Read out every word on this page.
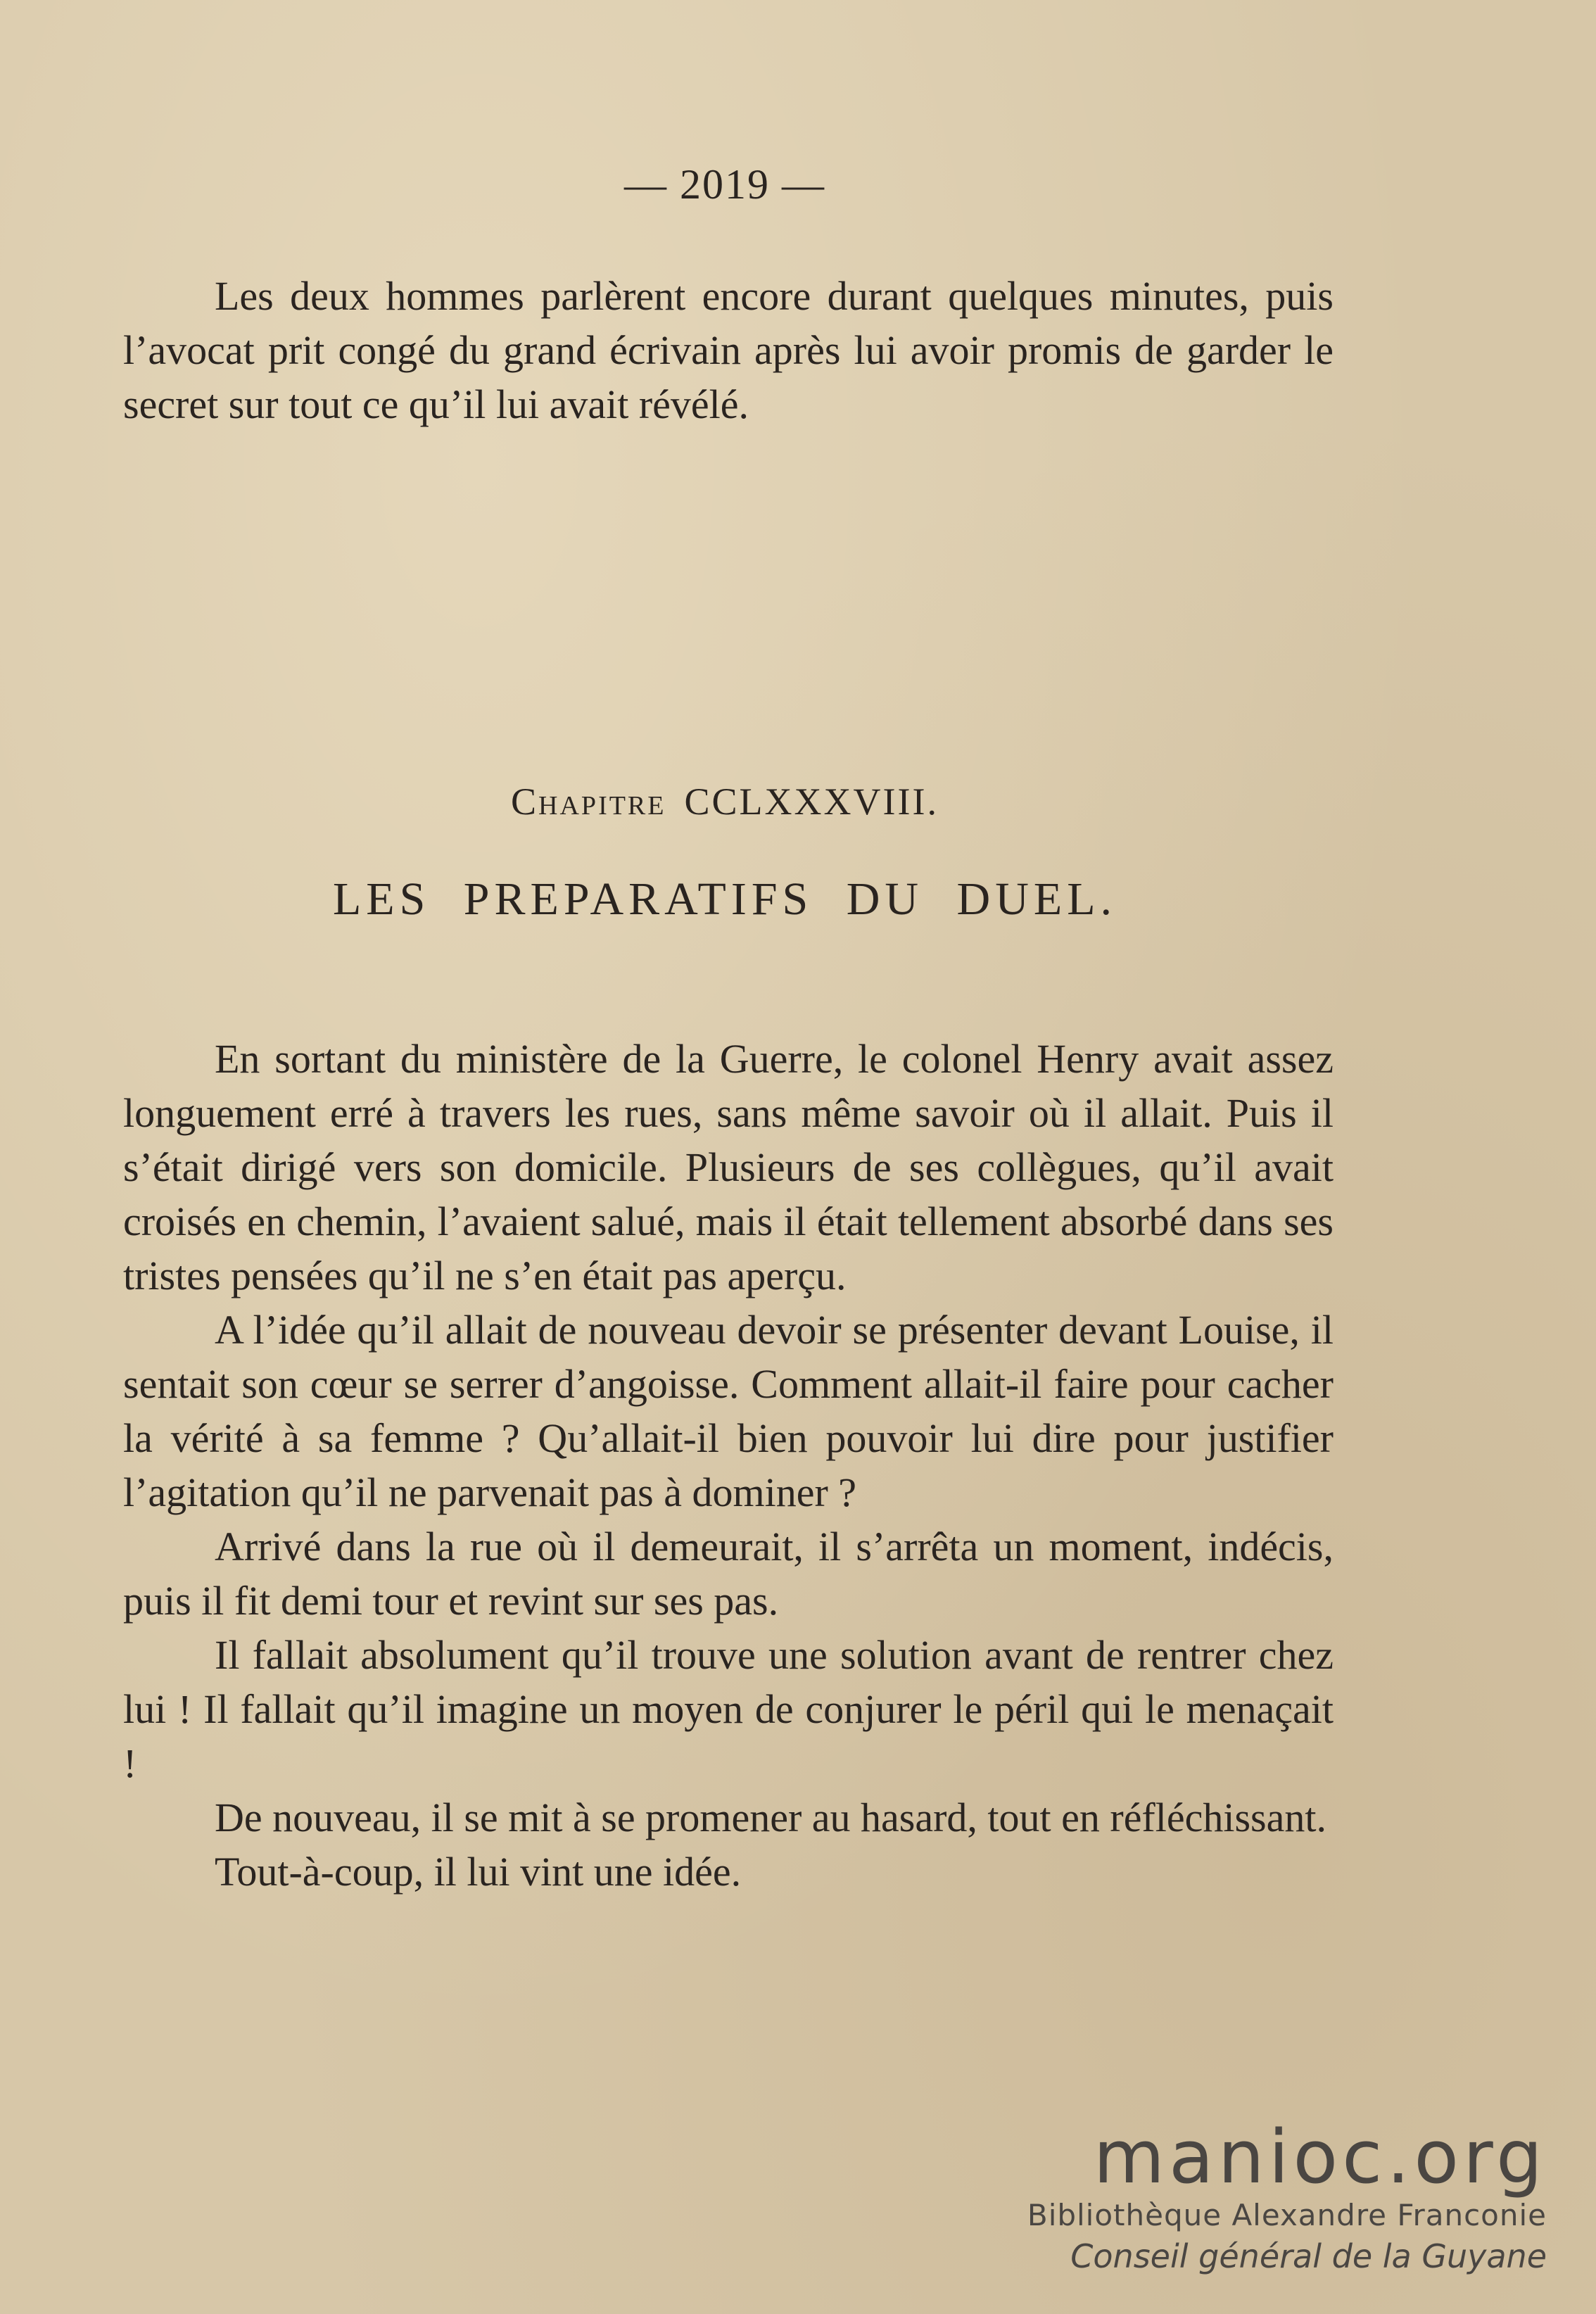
— 2019 —

Les deux hommes parlèrent encore durant quelques minutes, puis l’avocat prit congé du grand écrivain après lui avoir promis de garder le secret sur tout ce qu’il lui avait révélé.

Chapitre CCLXXXVIII.
LES PREPARATIFS DU DUEL.

En sortant du ministère de la Guerre, le colonel Henry avait assez longuement erré à travers les rues, sans même savoir où il allait. Puis il s’était dirigé vers son domicile. Plusieurs de ses collègues, qu’il avait croisés en chemin, l’avaient salué, mais il était tellement absorbé dans ses tristes pensées qu’il ne s’en était pas aperçu.

A l’idée qu’il allait de nouveau devoir se présenter devant Louise, il sentait son cœur se serrer d’angoisse. Comment allait-il faire pour cacher la vérité à sa femme ? Qu’allait-il bien pouvoir lui dire pour justifier l’agitation qu’il ne parvenait pas à dominer ?

Arrivé dans la rue où il demeurait, il s’arrêta un moment, indécis, puis il fit demi tour et revint sur ses pas.

Il fallait absolument qu’il trouve une solution avant de rentrer chez lui ! Il fallait qu’il imagine un moyen de conjurer le péril qui le menaçait !

De nouveau, il se mit à se promener au hasard, tout en réfléchissant.

Tout-à-coup, il lui vint une idée.

manioc.org
Bibliothèque Alexandre Franconie
Conseil général de la Guyane
